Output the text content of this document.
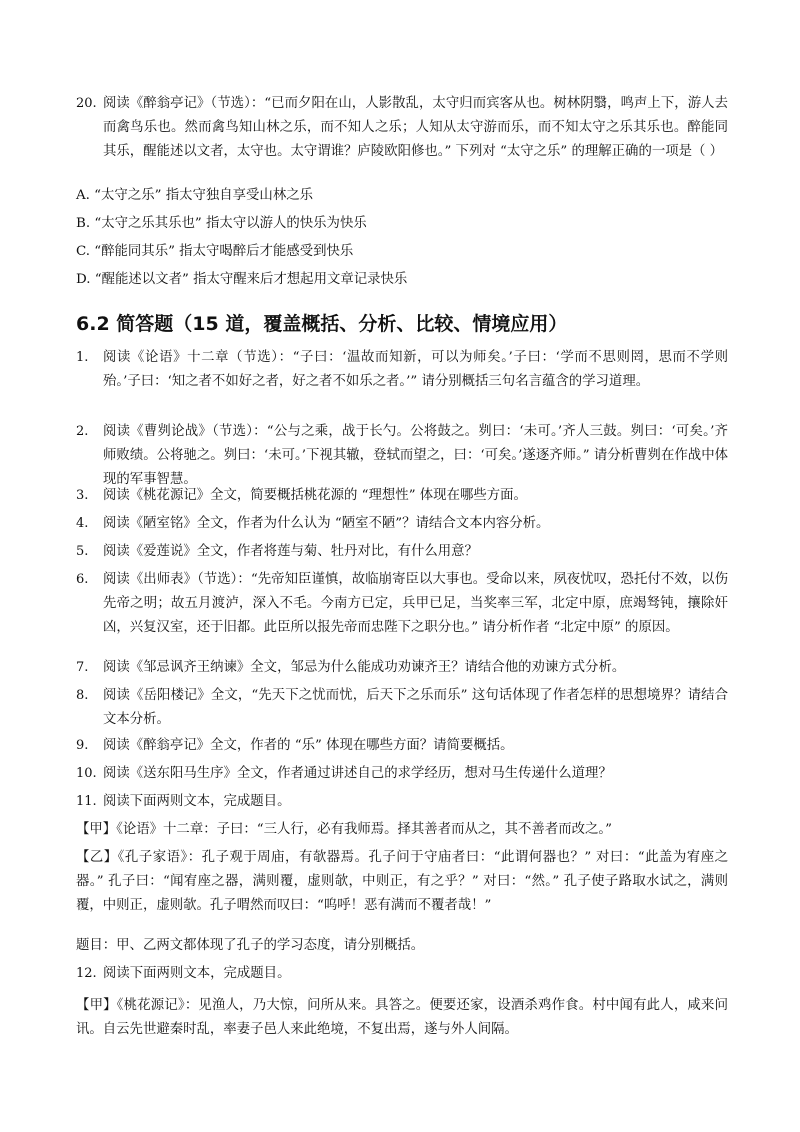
20. 阅读《醉翁亭记》（节选）：“已而夕阳在山，人影散乱，太守归而宾客从也。树林阴翳，鸣声上下，游人去而禽鸟乐也。然而禽鸟知山林之乐，而不知人之乐；人知从太守游而乐，而不知太守之乐其乐也。醉能同其乐，醒能述以文者，太守也。太守谓谁？庐陵欧阳修也。” 下列对 “太守之乐” 的理解正确的一项是（ ）
A. “太守之乐” 指太守独自享受山林之乐
B. “太守之乐其乐也” 指太守以游人的快乐为快乐
C. “醉能同其乐” 指太守喝醉后才能感受到快乐
D. “醒能述以文者” 指太守醒来后才想起用文章记录快乐
6.2 简答题（15 道，覆盖概括、分析、比较、情境应用）
1. 阅读《论语》十二章（节选）：“子曰：‘温故而知新，可以为师矣。’子曰：‘学而不思则罔，思而不学则殆。’子曰：‘知之者不如好之者，好之者不如乐之者。’” 请分别概括三句名言蕴含的学习道理。
2. 阅读《曹刿论战》（节选）：“公与之乘，战于长勺。公将鼓之。刿曰：‘未可。’齐人三鼓。刿曰：‘可矣。’齐师败绩。公将驰之。刿曰：‘未可。’下视其辙，登轼而望之，曰：‘可矣。’遂逐齐师。” 请分析曹刿在作战中体现的军事智慧。
3. 阅读《桃花源记》全文，简要概括桃花源的 “理想性” 体现在哪些方面。
4. 阅读《陋室铭》全文，作者为什么认为 “陋室不陋”？请结合文本内容分析。
5. 阅读《爱莲说》全文，作者将莲与菊、牡丹对比，有什么用意？
6. 阅读《出师表》（节选）：“先帝知臣谨慎，故临崩寄臣以大事也。受命以来，夙夜忧叹，恐托付不效，以伤先帝之明；故五月渡泸，深入不毛。今南方已定，兵甲已足，当奖率三军，北定中原，庶竭驽钝，攘除奸凶，兴复汉室，还于旧都。此臣所以报先帝而忠陛下之职分也。” 请分析作者 “北定中原” 的原因。
7. 阅读《邹忌讽齐王纳谏》全文，邹忌为什么能成功劝谏齐王？请结合他的劝谏方式分析。
8. 阅读《岳阳楼记》全文，“先天下之忧而忧，后天下之乐而乐” 这句话体现了作者怎样的思想境界？请结合文本分析。
9. 阅读《醉翁亭记》全文，作者的 “乐” 体现在哪些方面？请简要概括。
10. 阅读《送东阳马生序》全文，作者通过讲述自己的求学经历，想对马生传递什么道理？
11. 阅读下面两则文本，完成题目。
【甲】《论语》十二章：子曰：“三人行，必有我师焉。择其善者而从之，其不善者而改之。”
【乙】《孔子家语》：孔子观于周庙，有欹器焉。孔子问于守庙者曰：“此谓何器也？” 对曰：“此盖为宥座之器。” 孔子曰：“闻宥座之器，满则覆，虚则欹，中则正，有之乎？” 对曰：“然。” 孔子使子路取水试之，满则覆，中则正，虚则欹。孔子喟然而叹曰：“呜呼！恶有满而不覆者哉！”
题目：甲、乙两文都体现了孔子的学习态度，请分别概括。
12. 阅读下面两则文本，完成题目。
【甲】《桃花源记》：见渔人，乃大惊，问所从来。具答之。便要还家，设酒杀鸡作食。村中闻有此人，咸来问讯。自云先世避秦时乱，率妻子邑人来此绝境，不复出焉，遂与外人间隔。
